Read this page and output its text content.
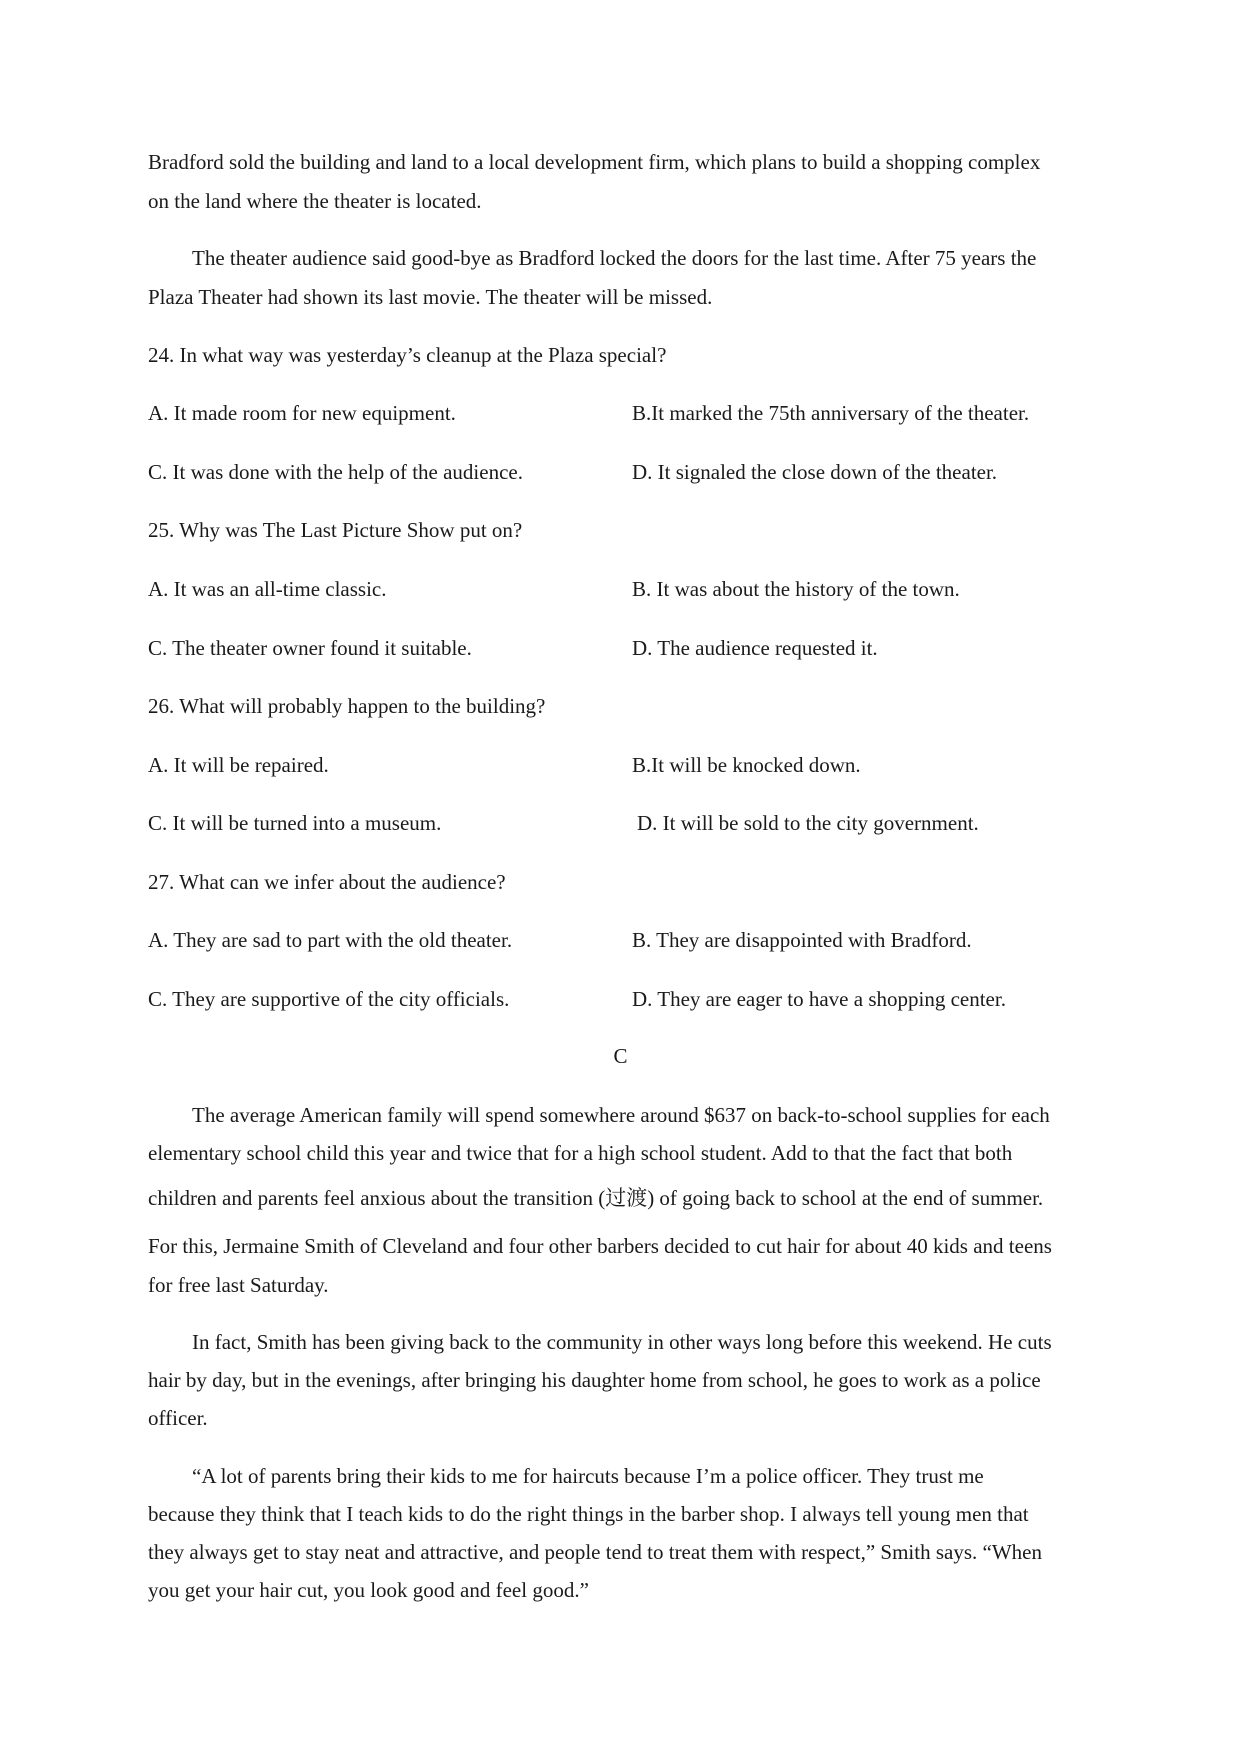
Bradford sold the building and land to a local development firm, which plans to build a shopping complex
on the land where the theater is located.
The theater audience said good-bye as Bradford locked the doors for the last time. After 75 years the
Plaza Theater had shown its last movie. The theater will be missed.
24. In what way was yesterday’s cleanup at the Plaza special?
A. It made room for new equipment.	B.It marked the 75th anniversary of the theater.
C. It was done with the help of the audience.	D. It signaled the close down of the theater.
25. Why was The Last Picture Show put on?
A. It was an all-time classic.	B. It was about the history of the town.
C. The theater owner found it suitable.	D. The audience requested it.
26. What will probably happen to the building?
A. It will be repaired.	B.It will be knocked down.
C. It will be turned into a museum.	D. It will be sold to the city government.
27. What can we infer about the audience?
A. They are sad to part with the old theater.	B. They are disappointed with Bradford.
C. They are supportive of the city officials.	D. They are eager to have a shopping center.
C
The average American family will spend somewhere around $637 on back-to-school supplies for each
elementary school child this year and twice that for a high school student. Add to that the fact that both
children and parents feel anxious about the transition (过渡) of going back to school at the end of summer.
For this, Jermaine Smith of Cleveland and four other barbers decided to cut hair for about 40 kids and teens
for free last Saturday.
In fact, Smith has been giving back to the community in other ways long before this weekend. He cuts
hair by day, but in the evenings, after bringing his daughter home from school, he goes to work as a police
officer.
“A lot of parents bring their kids to me for haircuts because I’m a police officer. They trust me
because they think that I teach kids to do the right things in the barber shop. I always tell young men that
they always get to stay neat and attractive, and people tend to treat them with respect,” Smith says. “When
you get your hair cut, you look good and feel good.”
